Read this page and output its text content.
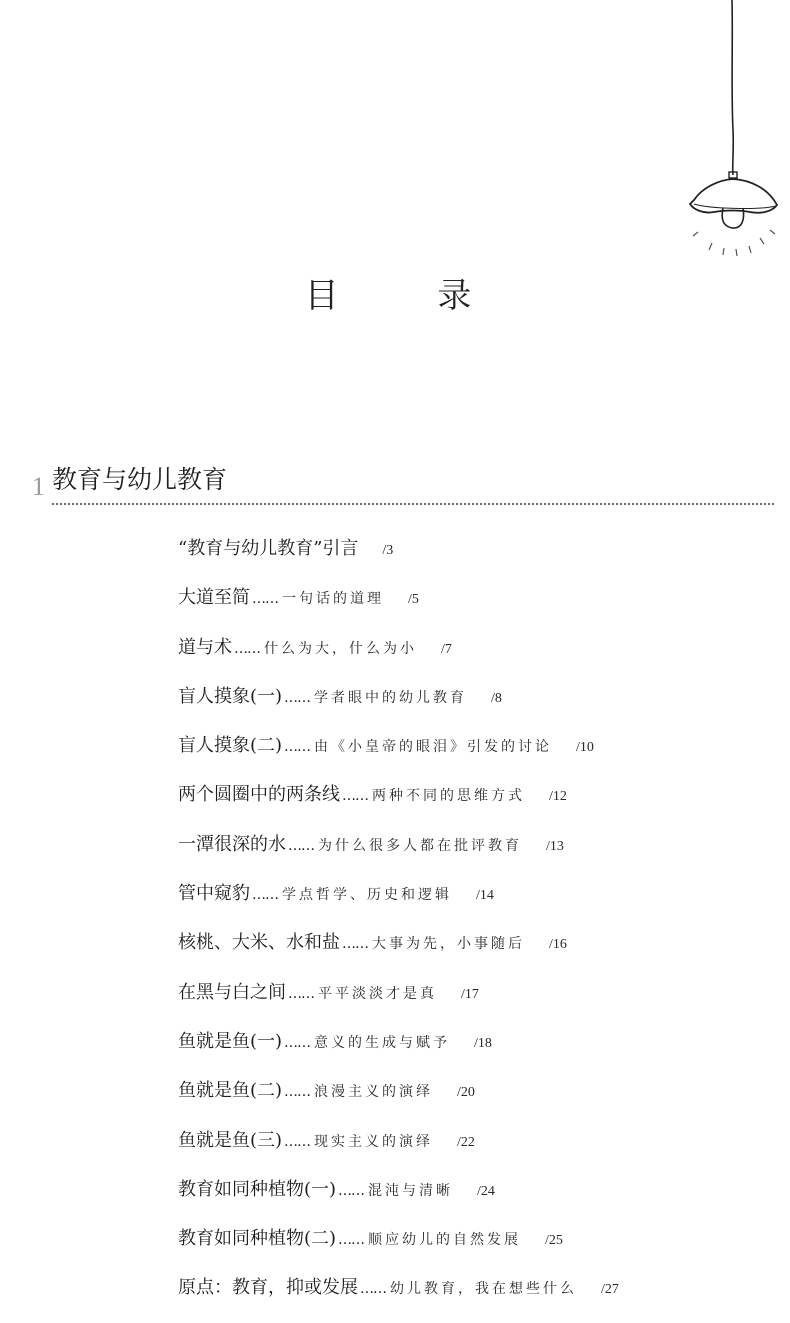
目 录
1 教育与幼儿教育
“教育与幼儿教育”引言 /3
大道至简 …… 一句话的道理 /5
道与术 …… 什么为大，什么为小 /7
盲人摸象(一) …… 学者眼中的幼儿教育 /8
盲人摸象(二) …… 由《小皇帝的眼泪》引发的讨论 /10
两个圆圈中的两条线 …… 两种不同的思维方式 /12
一潭很深的水 …… 为什么很多人都在批评教育 /13
管中窥豹 …… 学点哲学、历史和逻辑 /14
核桃、大米、水和盐 …… 大事为先，小事随后 /16
在黑与白之间 …… 平平淡淡才是真 /17
鱼就是鱼(一) …… 意义的生成与赋予 /18
鱼就是鱼(二) …… 浪漫主义的演绎 /20
鱼就是鱼(三) …… 现实主义的演绎 /22
教育如同种植物(一) …… 混沌与清晰 /24
教育如同种植物(二) …… 顺应幼儿的自然发展 /25
原点：教育，抑或发展 …… 幼儿教育，我在想些什么 /27
